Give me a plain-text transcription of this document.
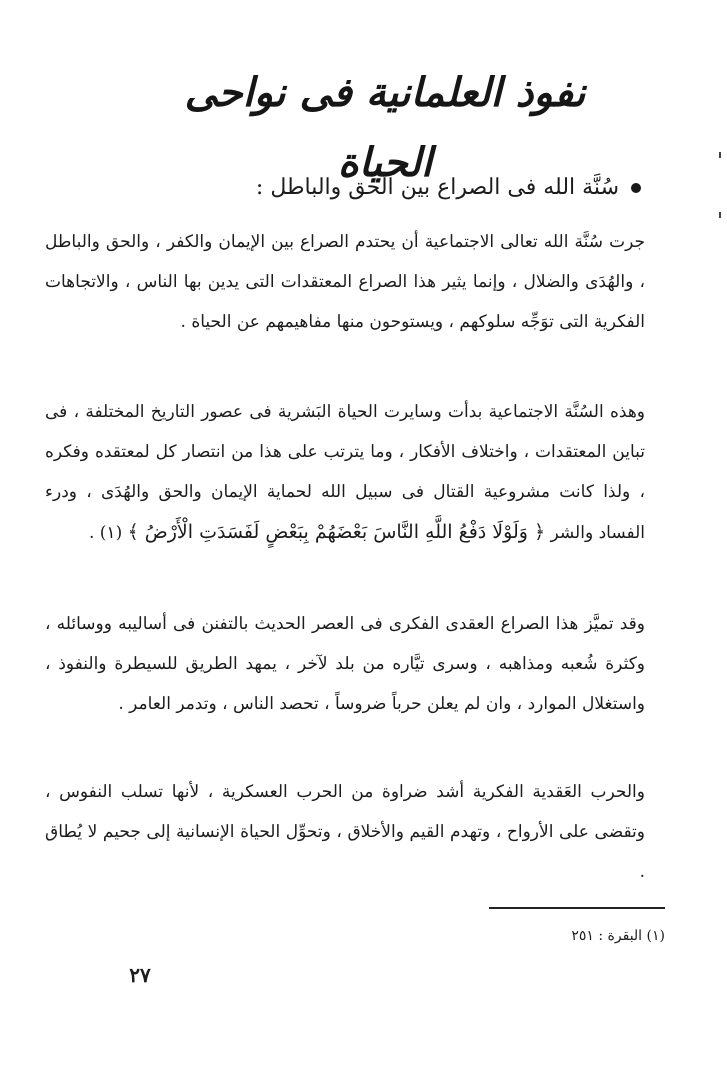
نفوذ العلمانية فى نواحى الحياة
سُنَّة الله فى الصراع بين الحق والباطل :
جرت سُنَّة الله تعالى الاجتماعية أن يحتدم الصراع بين الإيمان والكفر ، والحق والباطل ، والهُدَى والضلال ، وإنما يثير هذا الصراع المعتقدات التى يدين بها الناس ، والاتجاهات الفكرية التى توَجِّه سلوكهم ، ويستوحون منها مفاهيمهم عن الحياة .
وهذه السُنَّة الاجتماعية بدأت وسايرت الحياة البَشرية فى عصور التاريخ المختلفة ، فى تباين المعتقدات ، واختلاف الأفكار ، وما يترتب على هذا من انتصار كل لمعتقده وفكره ، ولذا كانت مشروعية القتال فى سبيل الله لحماية الإيمان والحق والهُدَى ، ودرء الفساد والشر ﴿ وَلَوْلَا دَفْعُ اللَّهِ النَّاسَ بَعْضَهُمْ بِبَعْضٍ لَفَسَدَتِ الْأَرْضُ ﴾ (١) .
وقد تميَّز هذا الصراع العقدى الفكرى فى العصر الحديث بالتفنن فى أساليبه ووسائله ، وكثرة شُعبه ومذاهبه ، وسرى تيَّاره من بلد لآخر ، يمهد الطريق للسيطرة والنفوذ ، واستغلال الموارد ، وان لم يعلن حرباً ضروساً ، تحصد الناس ، وتدمر العامر .
والحرب العَقدية الفكرية أشد ضراوة من الحرب العسكرية ، لأنها تسلب النفوس ، وتقضى على الأرواح ، وتهدم القيم والأخلاق ، وتحوِّل الحياة الإنسانية إلى جحيم لا يُطاق .
(١) البقرة : ٢٥١
٢٧
